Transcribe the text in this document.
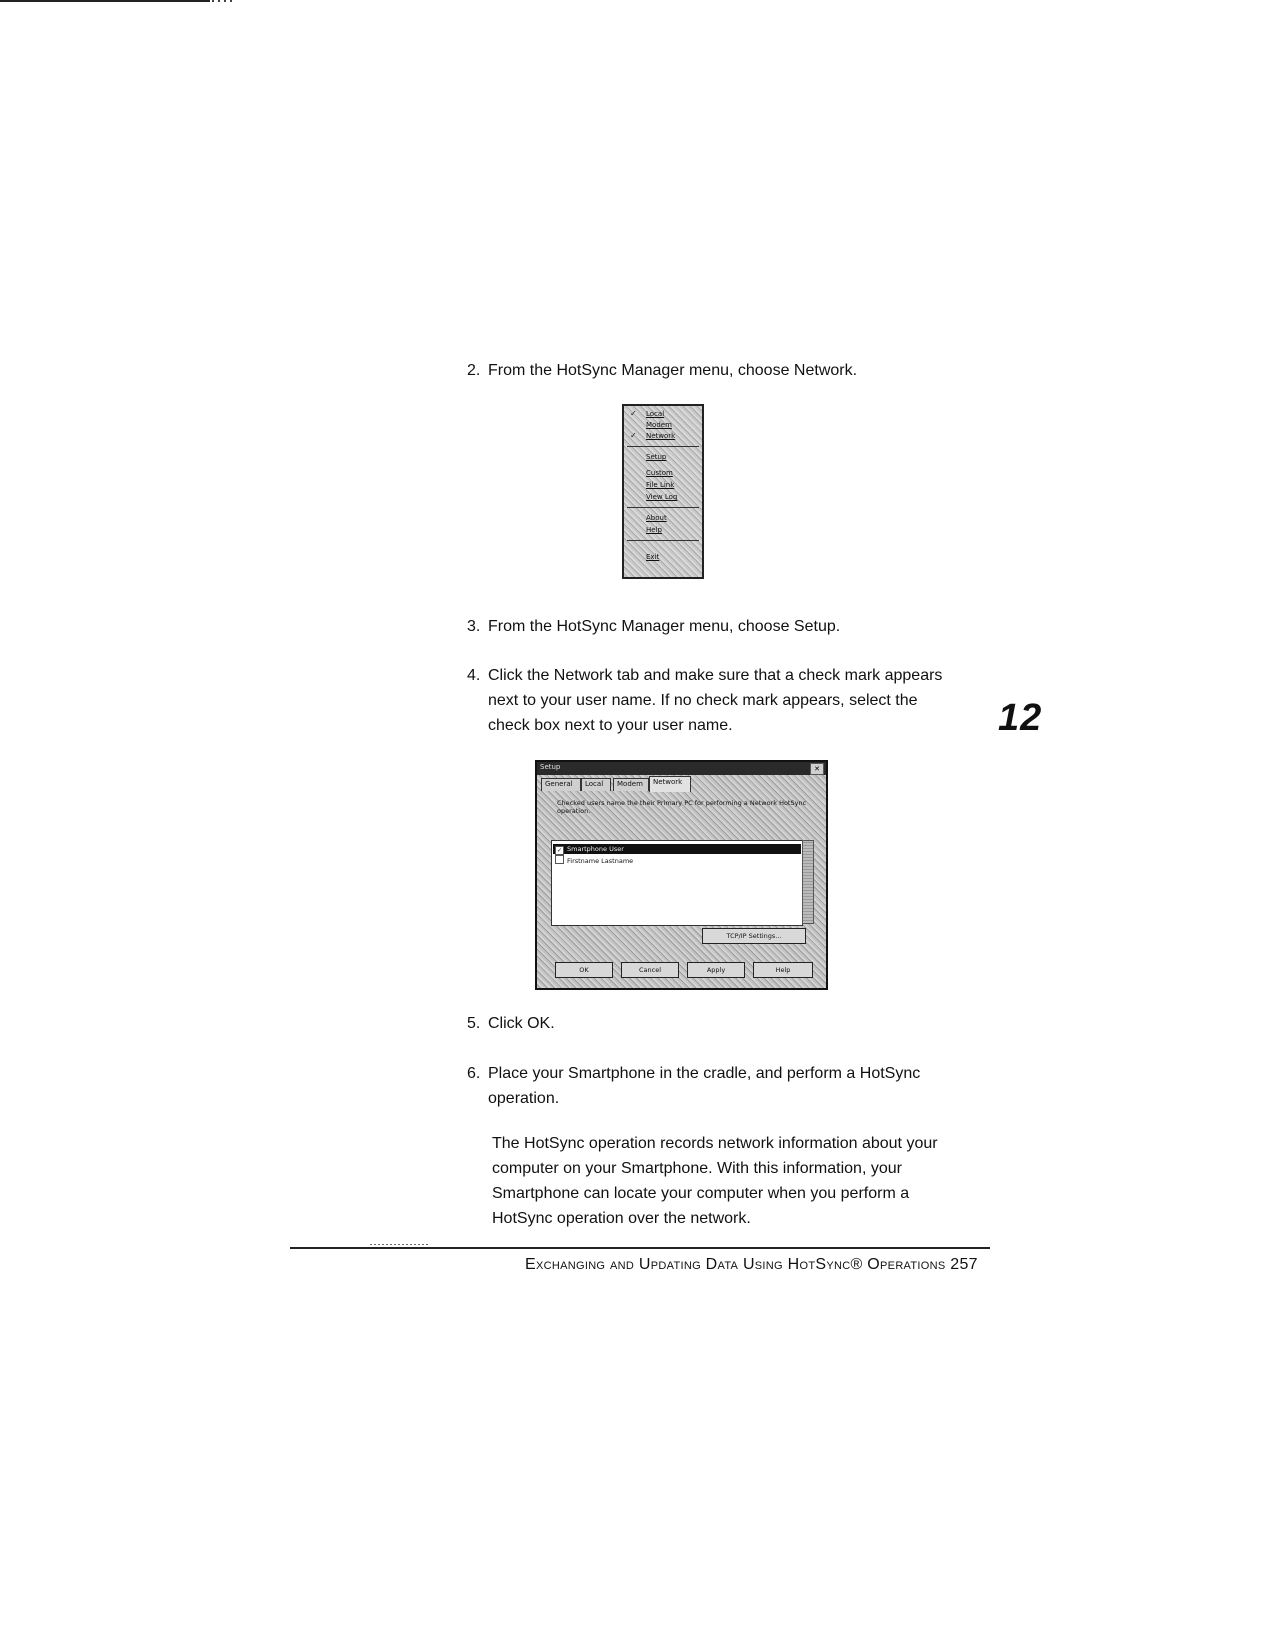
2. From the HotSync Manager menu, choose Network.
✓ Local
Modem
✓ Network
Setup
Custom
File Link
View Log
About
Help
Exit
3. From the HotSync Manager menu, choose Setup.
4. Click the Network tab and make sure that a check mark appears next to your user name. If no check mark appears, select the check box next to your user name.	12
Setup	✕
General	Local	Modem	Network
Checked users name the their Primary PC for performing a Network HotSync operation.
✓ Smartphone User
Firstname Lastname
TCP/IP Settings...
OK	Cancel	Apply	Help
5. Click OK.
6. Place your Smartphone in the cradle, and perform a HotSync operation.
The HotSync operation records network information about your computer on your Smartphone. With this information, your Smartphone can locate your computer when you perform a HotSync operation over the network.
Exchanging and Updating Data Using HotSync® Operations 257
